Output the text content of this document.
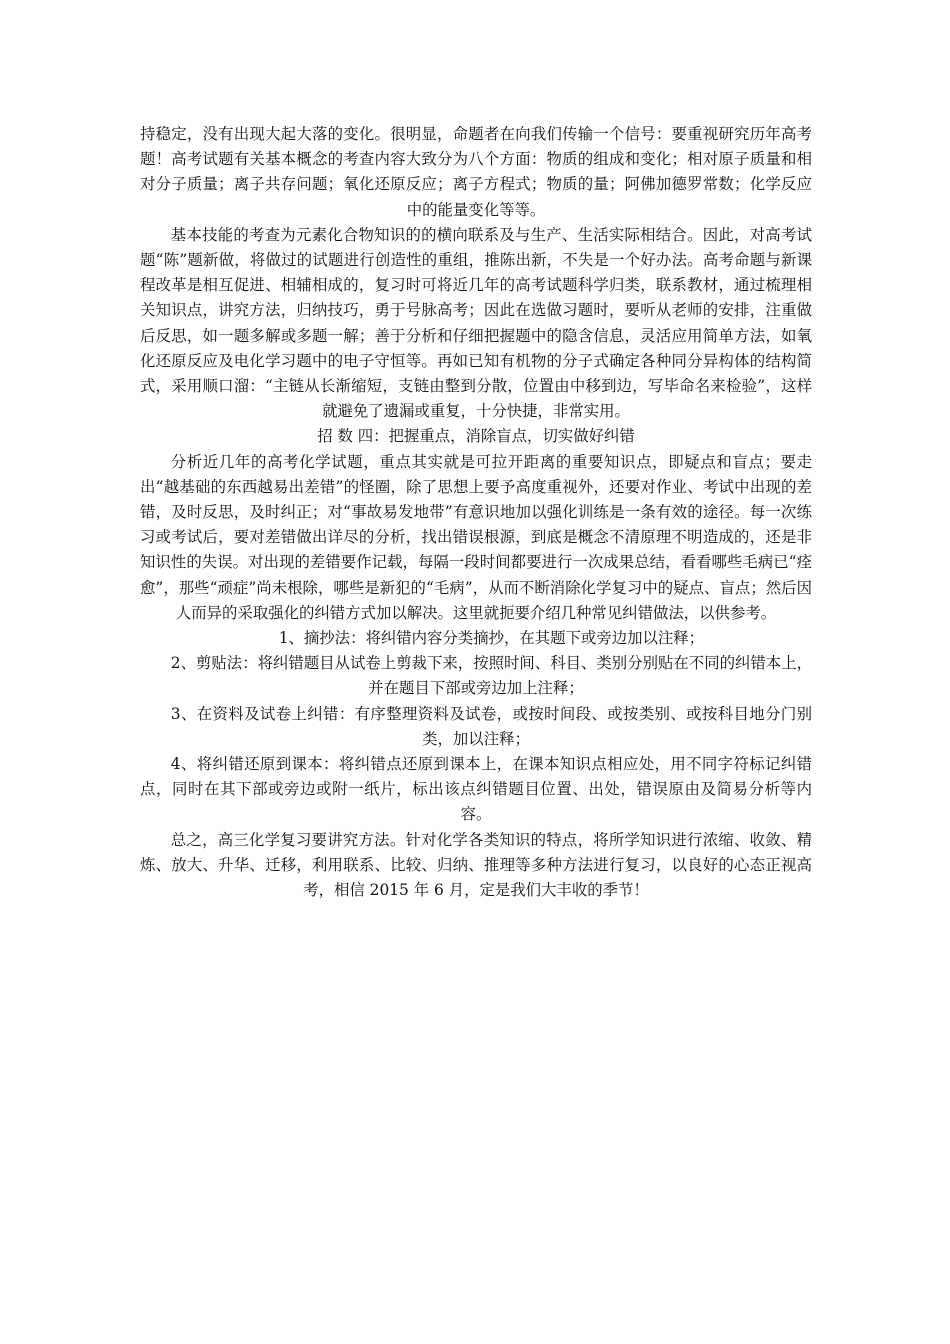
持稳定，没有出现大起大落的变化。很明显，命题者在向我们传输一个信号：要重视研究历年高考题！高考试题有关基本概念的考查内容大致分为八个方面：物质的组成和变化；相对原子质量和相对分子质量；离子共存问题；氧化还原反应；离子方程式；物质的量；阿佛加德罗常数；化学反应中的能量变化等等。

基本技能的考查为元素化合物知识的的横向联系及与生产、生活实际相结合。因此，对高考试题“陈”题新做，将做过的试题进行创造性的重组，推陈出新，不失是一个好办法。高考命题与新课程改革是相互促进、相辅相成的，复习时可将近几年的高考试题科学归类，联系教材，通过梳理相关知识点，讲究方法，归纳技巧，勇于号脉高考；因此在选做习题时，要听从老师的安排，注重做后反思，如一题多解或多题一解；善于分析和仔细把握题中的隐含信息，灵活应用简单方法，如氧化还原反应及电化学习题中的电子守恒等。再如已知有机物的分子式确定各种同分异构体的结构简式，采用顺口溜：“主链从长渐缩短，支链由整到分散，位置由中移到边，写毕命名来检验”，这样就避免了遗漏或重复，十分快捷，非常实用。

招 数 四：把握重点，消除盲点，切实做好纠错

分析近几年的高考化学试题，重点其实就是可拉开距离的重要知识点，即疑点和盲点；要走出“越基础的东西越易出差错”的怪圈，除了思想上要予高度重视外，还要对作业、考试中出现的差错，及时反思，及时纠正；对“事故易发地带”有意识地加以强化训练是一条有效的途径。每一次练习或考试后，要对差错做出详尽的分析，找出错误根源，到底是概念不清原理不明造成的，还是非知识性的失误。对出现的差错要作记载，每隔一段时间都要进行一次成果总结，看看哪些毛病已“痊愈”，那些“顽症”尚未根除，哪些是新犯的“毛病”，从而不断消除化学复习中的疑点、盲点；然后因人而异的采取强化的纠错方式加以解决。这里就扼要介绍几种常见纠错做法，以供参考。

1、摘抄法：将纠错内容分类摘抄，在其题下或旁边加以注释；

2、剪贴法：将纠错题目从试卷上剪裁下来，按照时间、科目、类别分别贴在不同的纠错本上，并在题目下部或旁边加上注释；

3、在资料及试卷上纠错：有序整理资料及试卷，或按时间段、或按类别、或按科目地分门别类，加以注释；

4、将纠错还原到课本：将纠错点还原到课本上，在课本知识点相应处，用不同字符标记纠错点，同时在其下部或旁边或附一纸片，标出该点纠错题目位置、出处，错误原由及简易分析等内容。

总之，高三化学复习要讲究方法。针对化学各类知识的特点，将所学知识进行浓缩、收敛、精炼、放大、升华、迁移，利用联系、比较、归纳、推理等多种方法进行复习，以良好的心态正视高考，相信 2015 年 6 月，定是我们大丰收的季节！
